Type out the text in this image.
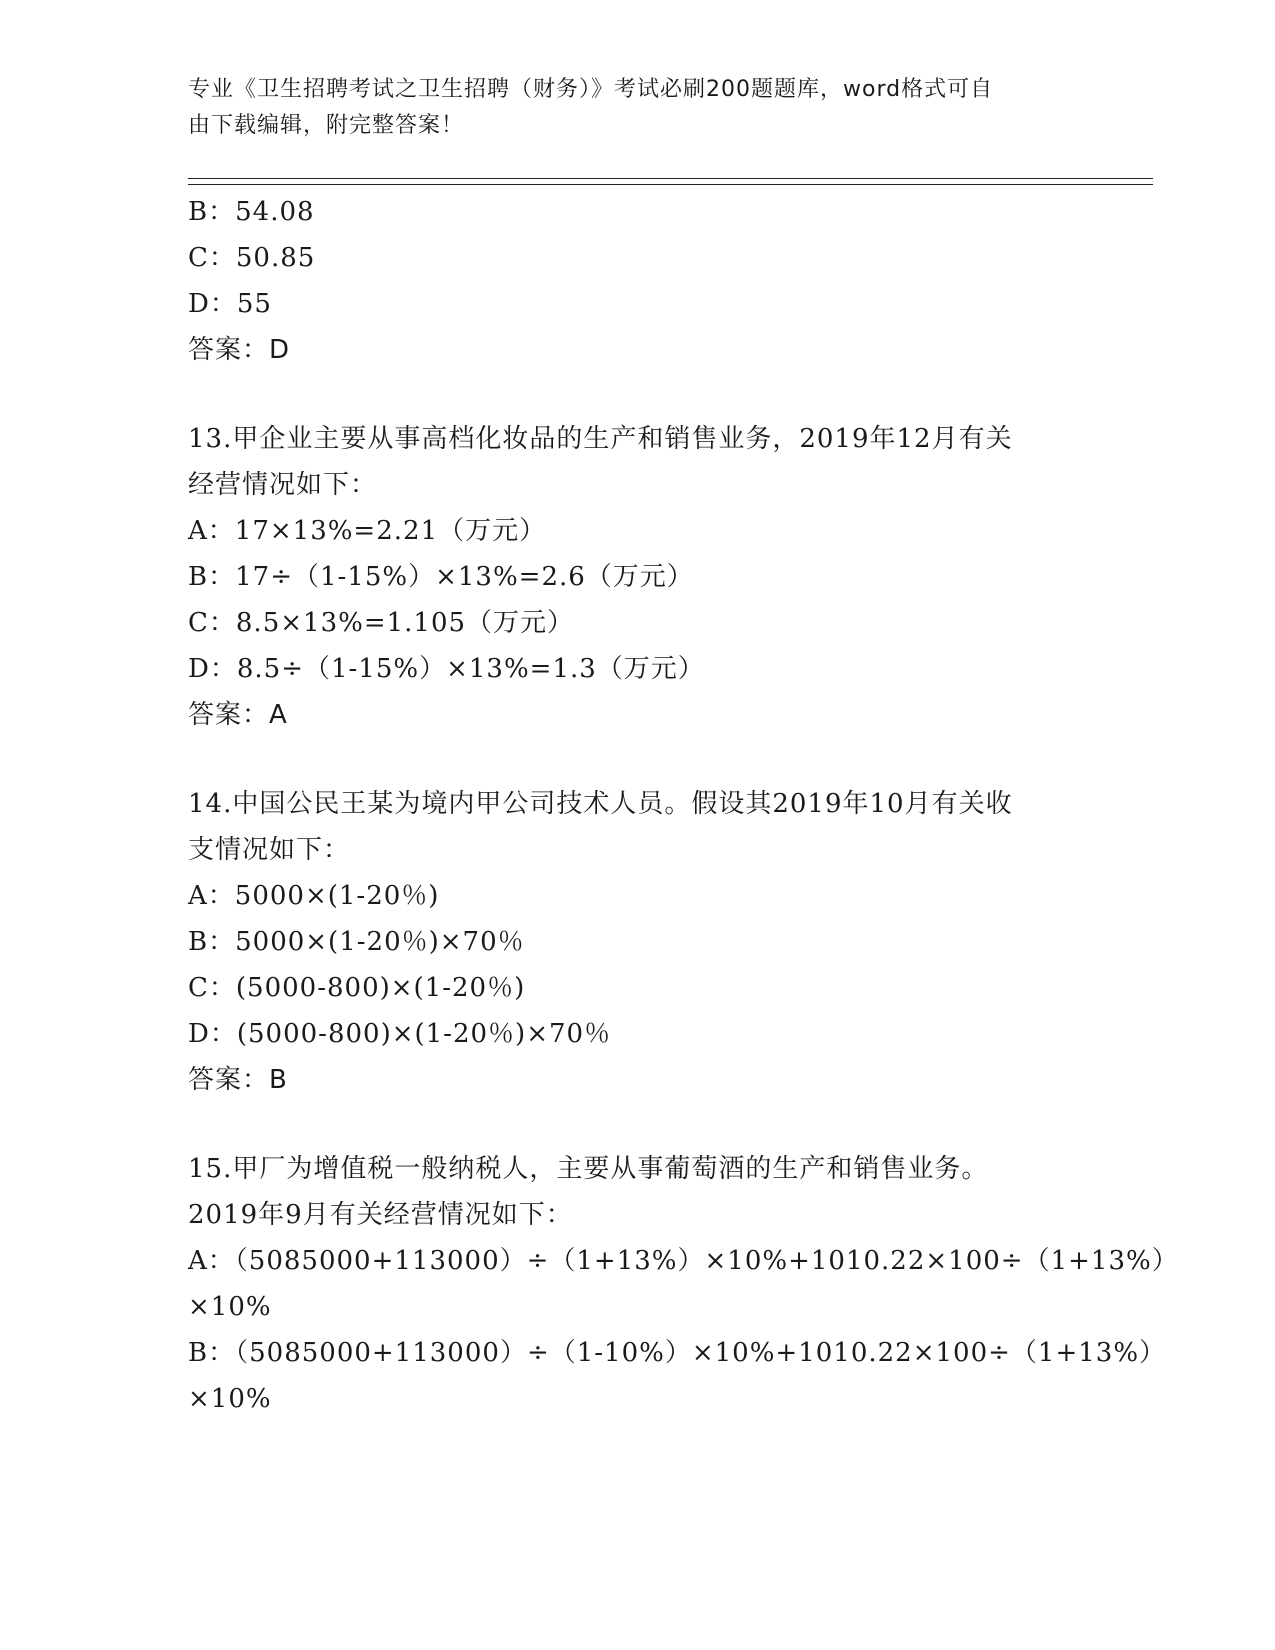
专业《卫生招聘考试之卫生招聘（财务）》考试必刷200题题库，word格式可自
由下载编辑，附完整答案！
B：54.08
C：50.85
D：55
答案：D
13.甲企业主要从事高档化妆品的生产和销售业务，2019年12月有关
经营情况如下：
A：17×13%=2.21（万元）
B：17÷（1-15%）×13%=2.6（万元）
C：8.5×13%=1.105（万元）
D：8.5÷（1-15%）×13%=1.3（万元）
答案：A
14.中国公民王某为境内甲公司技术人员。假设其2019年10月有关收
支情况如下：
A：5000×(1-20％)
B：5000×(1-20％)×70％
C：(5000-800)×(1-20％)
D：(5000-800)×(1-20％)×70％
答案：B
15.甲厂为增值税一般纳税人，主要从事葡萄酒的生产和销售业务。
2019年9月有关经营情况如下：
A：（5085000+113000）÷（1+13%）×10%+1010.22×100÷（1+13%）
×10%
B：（5085000+113000）÷（1-10%）×10%+1010.22×100÷（1+13%）
×10%
